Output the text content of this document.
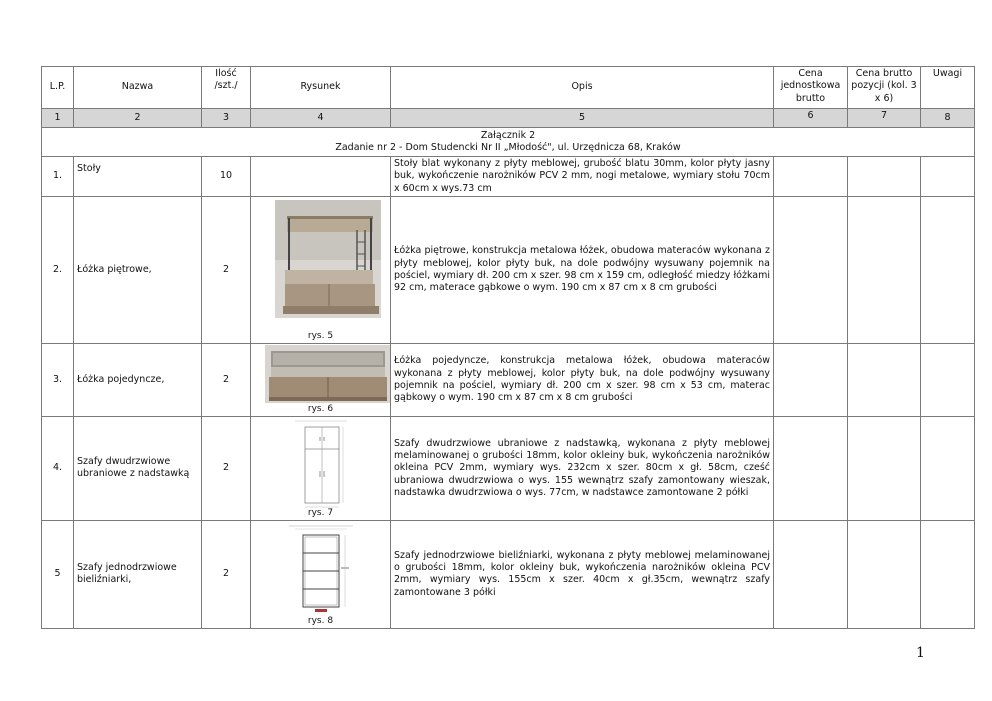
L.P.	Nazwa	Ilość /szt./	Rysunek	Opis	Cena jednostkowa brutto	Cena brutto pozycji (kol. 3 x 6)	Uwagi
1	2	3	4	5	6	7	8

Załącznik 2
Zadanie nr 2 - Dom Studencki Nr II „Młodość", ul. Urzędnicza 68, Kraków							

1.	Stoły	10		Stoły blat wykonany z płyty meblowej, grubość blatu 30mm, kolor płyty jasny buk, wykończenie narożników PCV 2 mm, nogi metalowe, wymiary stołu 70cm x 60cm x wys.73 cm			
2.	Łóżka piętrowe,	2	rys. 5	Łóżka piętrowe, konstrukcja metalowa łóżek, obudowa materaców wykonana z płyty meblowej, kolor płyty buk, na dole podwójny wysuwany pojemnik na pościel, wymiary dł. 200 cm x szer. 98 cm x 159 cm, odległość miedzy łóżkami 92 cm, materace gąbkowe o wym. 190 cm x 87 cm x 8 cm grubości			
3.	Łóżka pojedyncze,	2	rys. 6	Łóżka pojedyncze, konstrukcja metalowa łóżek, obudowa materaców wykonana z płyty meblowej, kolor płyty buk, na dole podwójny wysuwany pojemnik na pościel, wymiary dł. 200 cm x szer. 98 cm x 53 cm, materac gąbkowy o wym. 190 cm x 87 cm x 8 cm grubości			
4.	Szafy dwudrzwiowe ubraniowe z nadstawką	2	rys. 7	Szafy dwudrzwiowe ubraniowe z nadstawką, wykonana z płyty meblowej melaminowanej o grubości 18mm, kolor okleiny buk, wykończenia narożników okleina PCV 2mm, wymiary wys. 232cm x szer. 80cm x gł. 58cm, cześć ubraniowa dwudrzwiowa o wys. 155 wewnątrz szafy zamontowany wieszak, nadstawka dwudrzwiowa o wys. 77cm, w nadstawce zamontowane 2 półki			
5	Szafy jednodrzwiowe bieliźniarki,	2	rys. 8	Szafy jednodrzwiowe bieliźniarki, wykonana z płyty meblowej melaminowanej o grubości 18mm, kolor okleiny buk, wykończenia narożników okleina PCV 2mm, wymiary wys. 155cm x szer. 40cm x gł.35cm, wewnątrz szafy zamontowane 3 półki			
1
